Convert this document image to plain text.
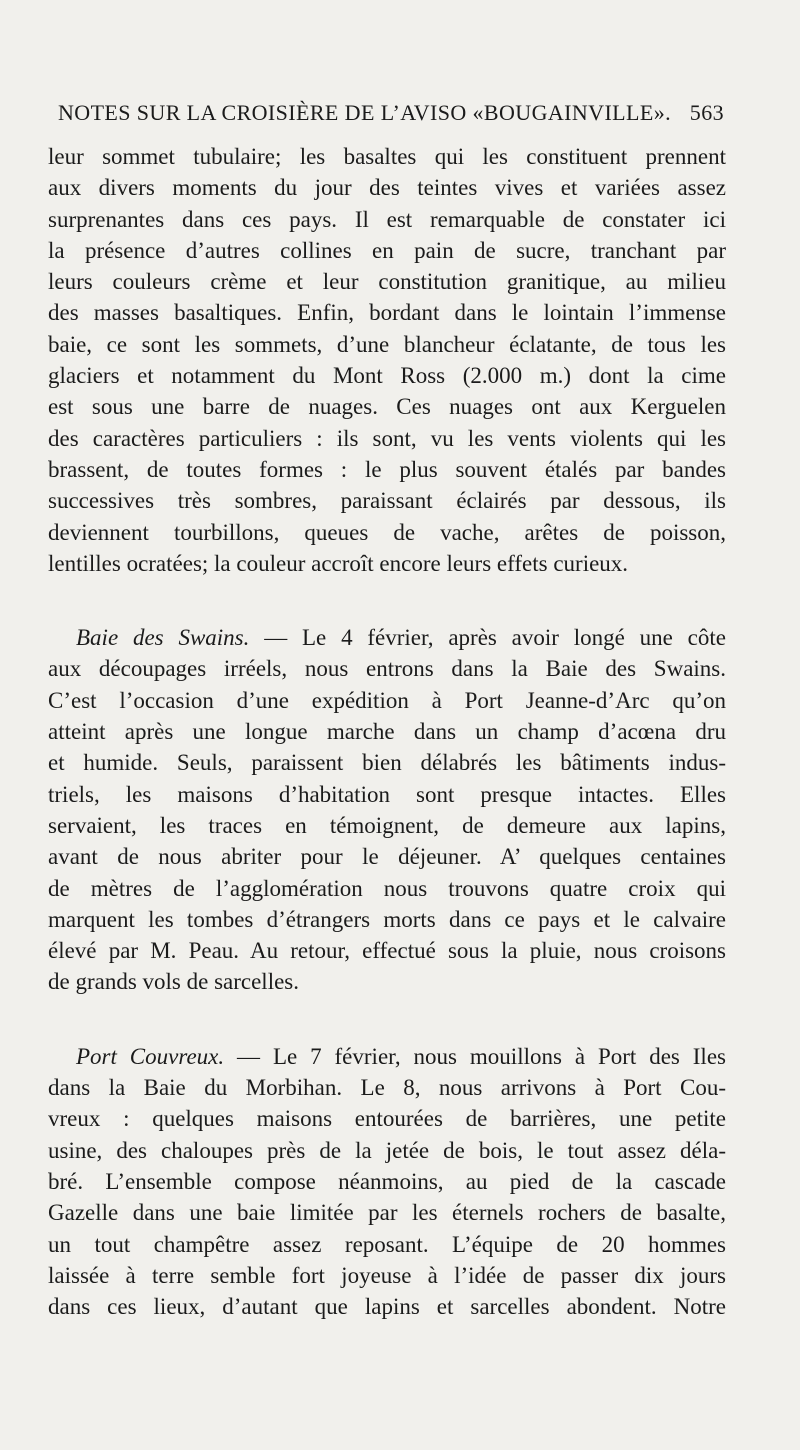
NOTES SUR LA CROISIÈRE DE L’AVISO «BOUGAINVILLE». 563
leur sommet tubulaire; les basaltes qui les constituent prennent
aux divers moments du jour des teintes vives et variées assez
surprenantes dans ces pays. Il est remarquable de constater ici
la présence d’autres collines en pain de sucre, tranchant par
leurs couleurs crème et leur constitution granitique, au milieu
des masses basaltiques. Enfin, bordant dans le lointain l’immense
baie, ce sont les sommets, d’une blancheur éclatante, de tous les
glaciers et notamment du Mont Ross (2.000 m.) dont la cime
est sous une barre de nuages. Ces nuages ont aux Kerguelen
des caractères particuliers : ils sont, vu les vents violents qui les
brassent, de toutes formes : le plus souvent étalés par bandes
successives très sombres, paraissant éclairés par dessous, ils
deviennent tourbillons, queues de vache, arêtes de poisson,
lentilles ocratées; la couleur accroît encore leurs effets curieux.
Baie des Swains. — Le 4 février, après avoir longé une côte
aux découpages irréels, nous entrons dans la Baie des Swains.
C’est l’occasion d’une expédition à Port Jeanne-d’Arc qu’on
atteint après une longue marche dans un champ d’acœna dru
et humide. Seuls, paraissent bien délabrés les bâtiments indus-
triels, les maisons d’habitation sont presque intactes. Elles
servaient, les traces en témoignent, de demeure aux lapins,
avant de nous abriter pour le déjeuner. A’ quelques centaines
de mètres de l’agglomération nous trouvons quatre croix qui
marquent les tombes d’étrangers morts dans ce pays et le calvaire
élevé par M. Peau. Au retour, effectué sous la pluie, nous croisons
de grands vols de sarcelles.
Port Couvreux. — Le 7 février, nous mouillons à Port des Iles
dans la Baie du Morbihan. Le 8, nous arrivons à Port Cou-
vreux : quelques maisons entourées de barrières, une petite
usine, des chaloupes près de la jetée de bois, le tout assez déla-
bré. L’ensemble compose néanmoins, au pied de la cascade
Gazelle dans une baie limitée par les éternels rochers de basalte,
un tout champêtre assez reposant. L’équipe de 20 hommes
laissée à terre semble fort joyeuse à l’idée de passer dix jours
dans ces lieux, d’autant que lapins et sarcelles abondent. Notre
